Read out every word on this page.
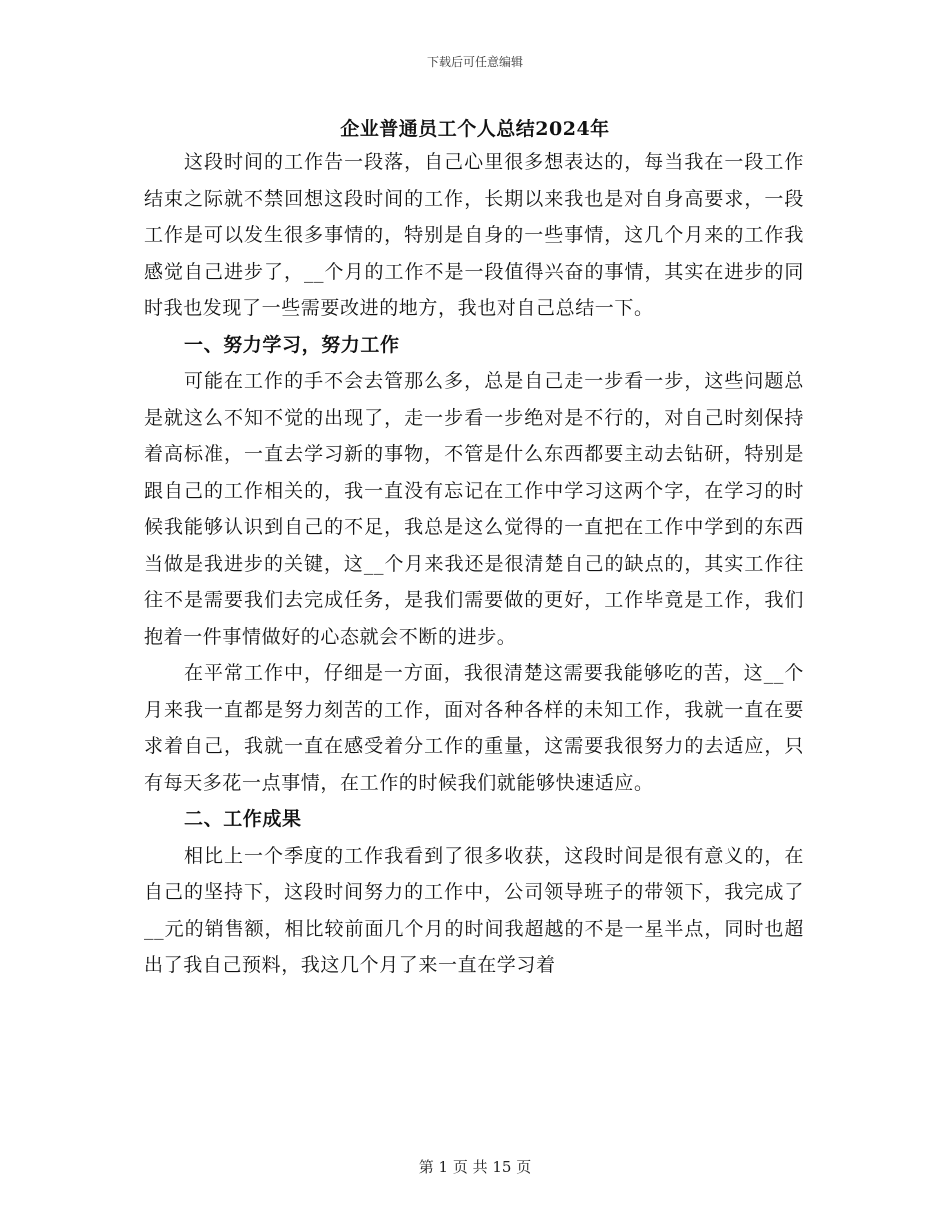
下载后可任意编辑
企业普通员工个人总结2024年

这段时间的工作告一段落，自己心里很多想表达的，每当我在一段工作结束之际就不禁回想这段时间的工作，长期以来我也是对自身高要求，一段工作是可以发生很多事情的，特别是自身的一些事情，这几个月来的工作我感觉自己进步了，__个月的工作不是一段值得兴奋的事情，其实在进步的同时我也发现了一些需要改进的地方，我也对自己总结一下。

一、努力学习，努力工作

可能在工作的手不会去管那么多，总是自己走一步看一步，这些问题总是就这么不知不觉的出现了，走一步看一步绝对是不行的，对自己时刻保持着高标准，一直去学习新的事物，不管是什么东西都要主动去钻研，特别是跟自己的工作相关的，我一直没有忘记在工作中学习这两个字，在学习的时候我能够认识到自己的不足，我总是这么觉得的一直把在工作中学到的东西当做是我进步的关键，这__个月来我还是很清楚自己的缺点的，其实工作往往不是需要我们去完成任务，是我们需要做的更好，工作毕竟是工作，我们抱着一件事情做好的心态就会不断的进步。

在平常工作中，仔细是一方面，我很清楚这需要我能够吃的苦，这__个月来我一直都是努力刻苦的工作，面对各种各样的未知工作，我就一直在要求着自己，我就一直在感受着分工作的重量，这需要我很努力的去适应，只有每天多花一点事情，在工作的时候我们就能够快速适应。

二、工作成果

相比上一个季度的工作我看到了很多收获，这段时间是很有意义的，在自己的坚持下，这段时间努力的工作中，公司领导班子的带领下，我完成了__元的销售额，相比较前面几个月的时间我超越的不是一星半点，同时也超出了我自己预料，我这几个月了来一直在学习着

第 1 页 共 15 页
